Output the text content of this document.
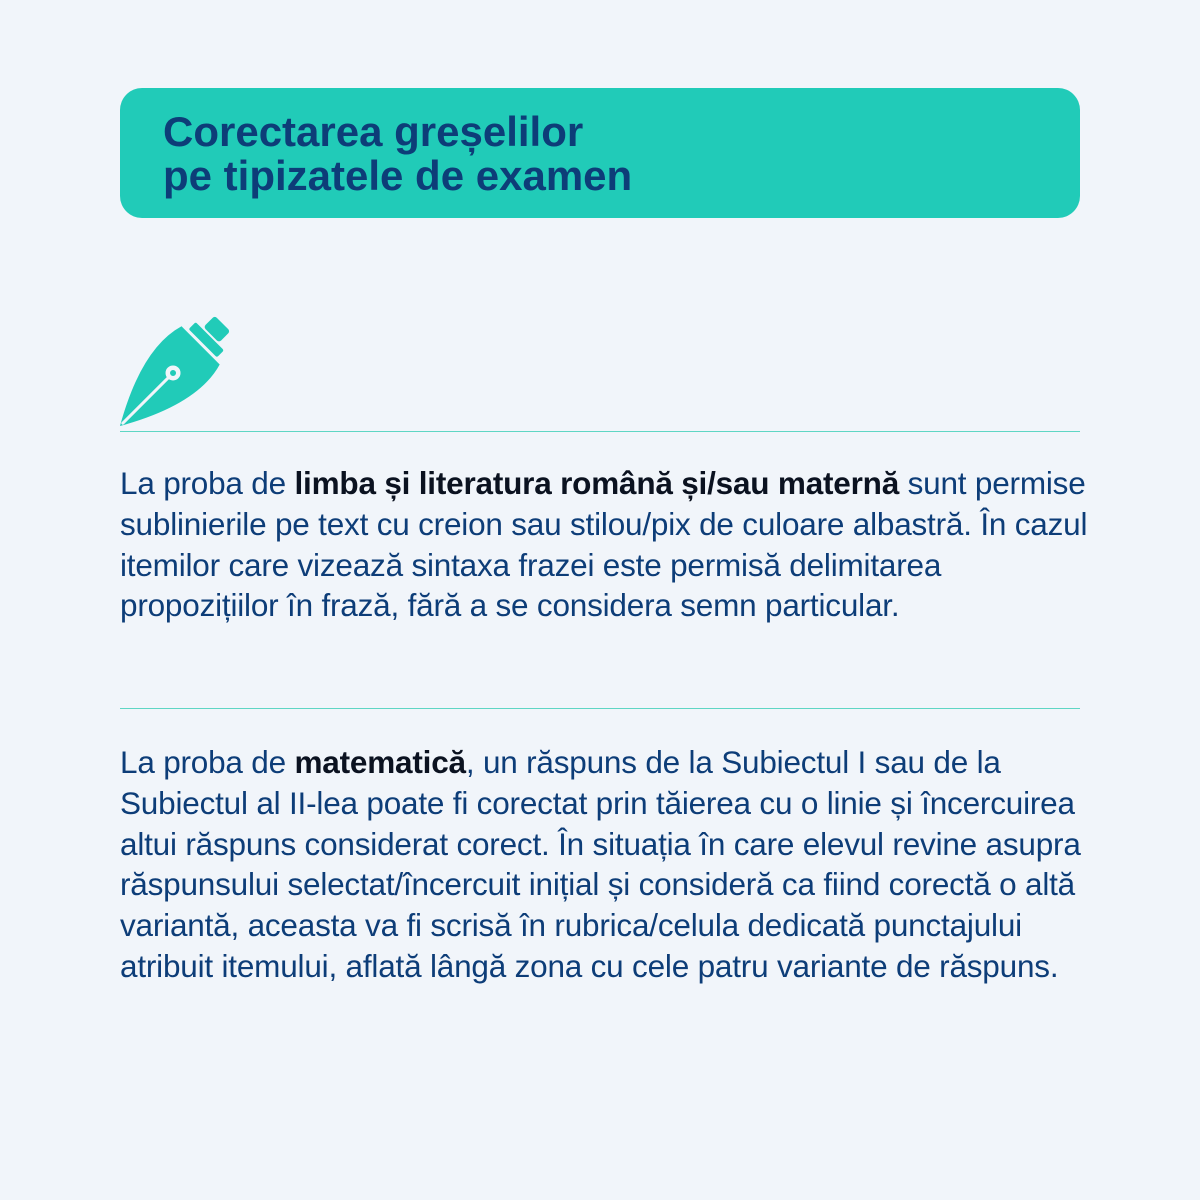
Corectarea greșelilor
pe tipizatele de examen

La proba de limba și literatura română și/sau maternă sunt permise sublinierile pe text cu creion sau stilou/pix de culoare albastră. În cazul itemilor care vizează sintaxa frazei este permisă delimitarea propozițiilor în frază, fără a se considera semn particular.

La proba de matematică, un răspuns de la Subiectul I sau de la Subiectul al II-lea poate fi corectat prin tăierea cu o linie și încercuirea altui răspuns considerat corect. În situația în care elevul revine asupra răspunsului selectat/încercuit inițial și consideră ca fiind corectă o altă variantă, aceasta va fi scrisă în rubrica/celula dedicată punctajului atribuit itemului, aflată lângă zona cu cele patru variante de răspuns.
